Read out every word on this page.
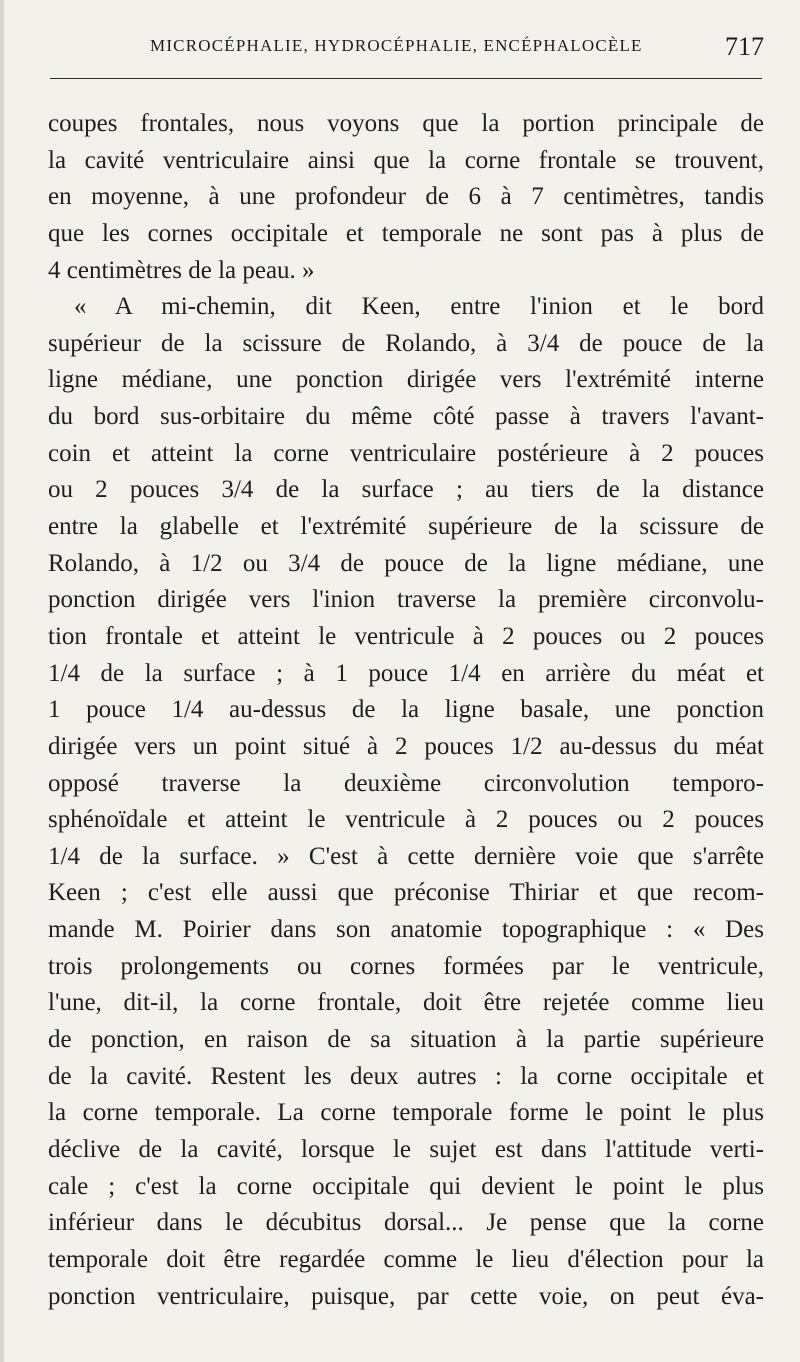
MICROCÉPHALIE, HYDROCÉPHALIE, ENCÉPHALOCÈLE	717
coupes frontales, nous voyons que la portion principale de
la cavité ventriculaire ainsi que la corne frontale se trouvent,
en moyenne, à une profondeur de 6 à 7 centimètres, tandis
que les cornes occipitale et temporale ne sont pas à plus de
4 centimètres de la peau. »
« A mi-chemin, dit Keen, entre l'inion et le bord
supérieur de la scissure de Rolando, à 3/4 de pouce de la
ligne médiane, une ponction dirigée vers l'extrémité interne
du bord sus-orbitaire du même côté passe à travers l'avant-
coin et atteint la corne ventriculaire postérieure à 2 pouces
ou 2 pouces 3/4 de la surface ; au tiers de la distance
entre la glabelle et l'extrémité supérieure de la scissure de
Rolando, à 1/2 ou 3/4 de pouce de la ligne médiane, une
ponction dirigée vers l'inion traverse la première circonvolu-
tion frontale et atteint le ventricule à 2 pouces ou 2 pouces
1/4 de la surface ; à 1 pouce 1/4 en arrière du méat et
1 pouce 1/4 au-dessus de la ligne basale, une ponction
dirigée vers un point situé à 2 pouces 1/2 au-dessus du méat
opposé traverse la deuxième circonvolution temporo-
sphénoïdale et atteint le ventricule à 2 pouces ou 2 pouces
1/4 de la surface. » C'est à cette dernière voie que s'arrête
Keen ; c'est elle aussi que préconise Thiriar et que recom-
mande M. Poirier dans son anatomie topographique : « Des
trois prolongements ou cornes formées par le ventricule,
l'une, dit-il, la corne frontale, doit être rejetée comme lieu
de ponction, en raison de sa situation à la partie supérieure
de la cavité. Restent les deux autres : la corne occipitale et
la corne temporale. La corne temporale forme le point le plus
déclive de la cavité, lorsque le sujet est dans l'attitude verti-
cale ; c'est la corne occipitale qui devient le point le plus
inférieur dans le décubitus dorsal... Je pense que la corne
temporale doit être regardée comme le lieu d'élection pour la
ponction ventriculaire, puisque, par cette voie, on peut éva-
